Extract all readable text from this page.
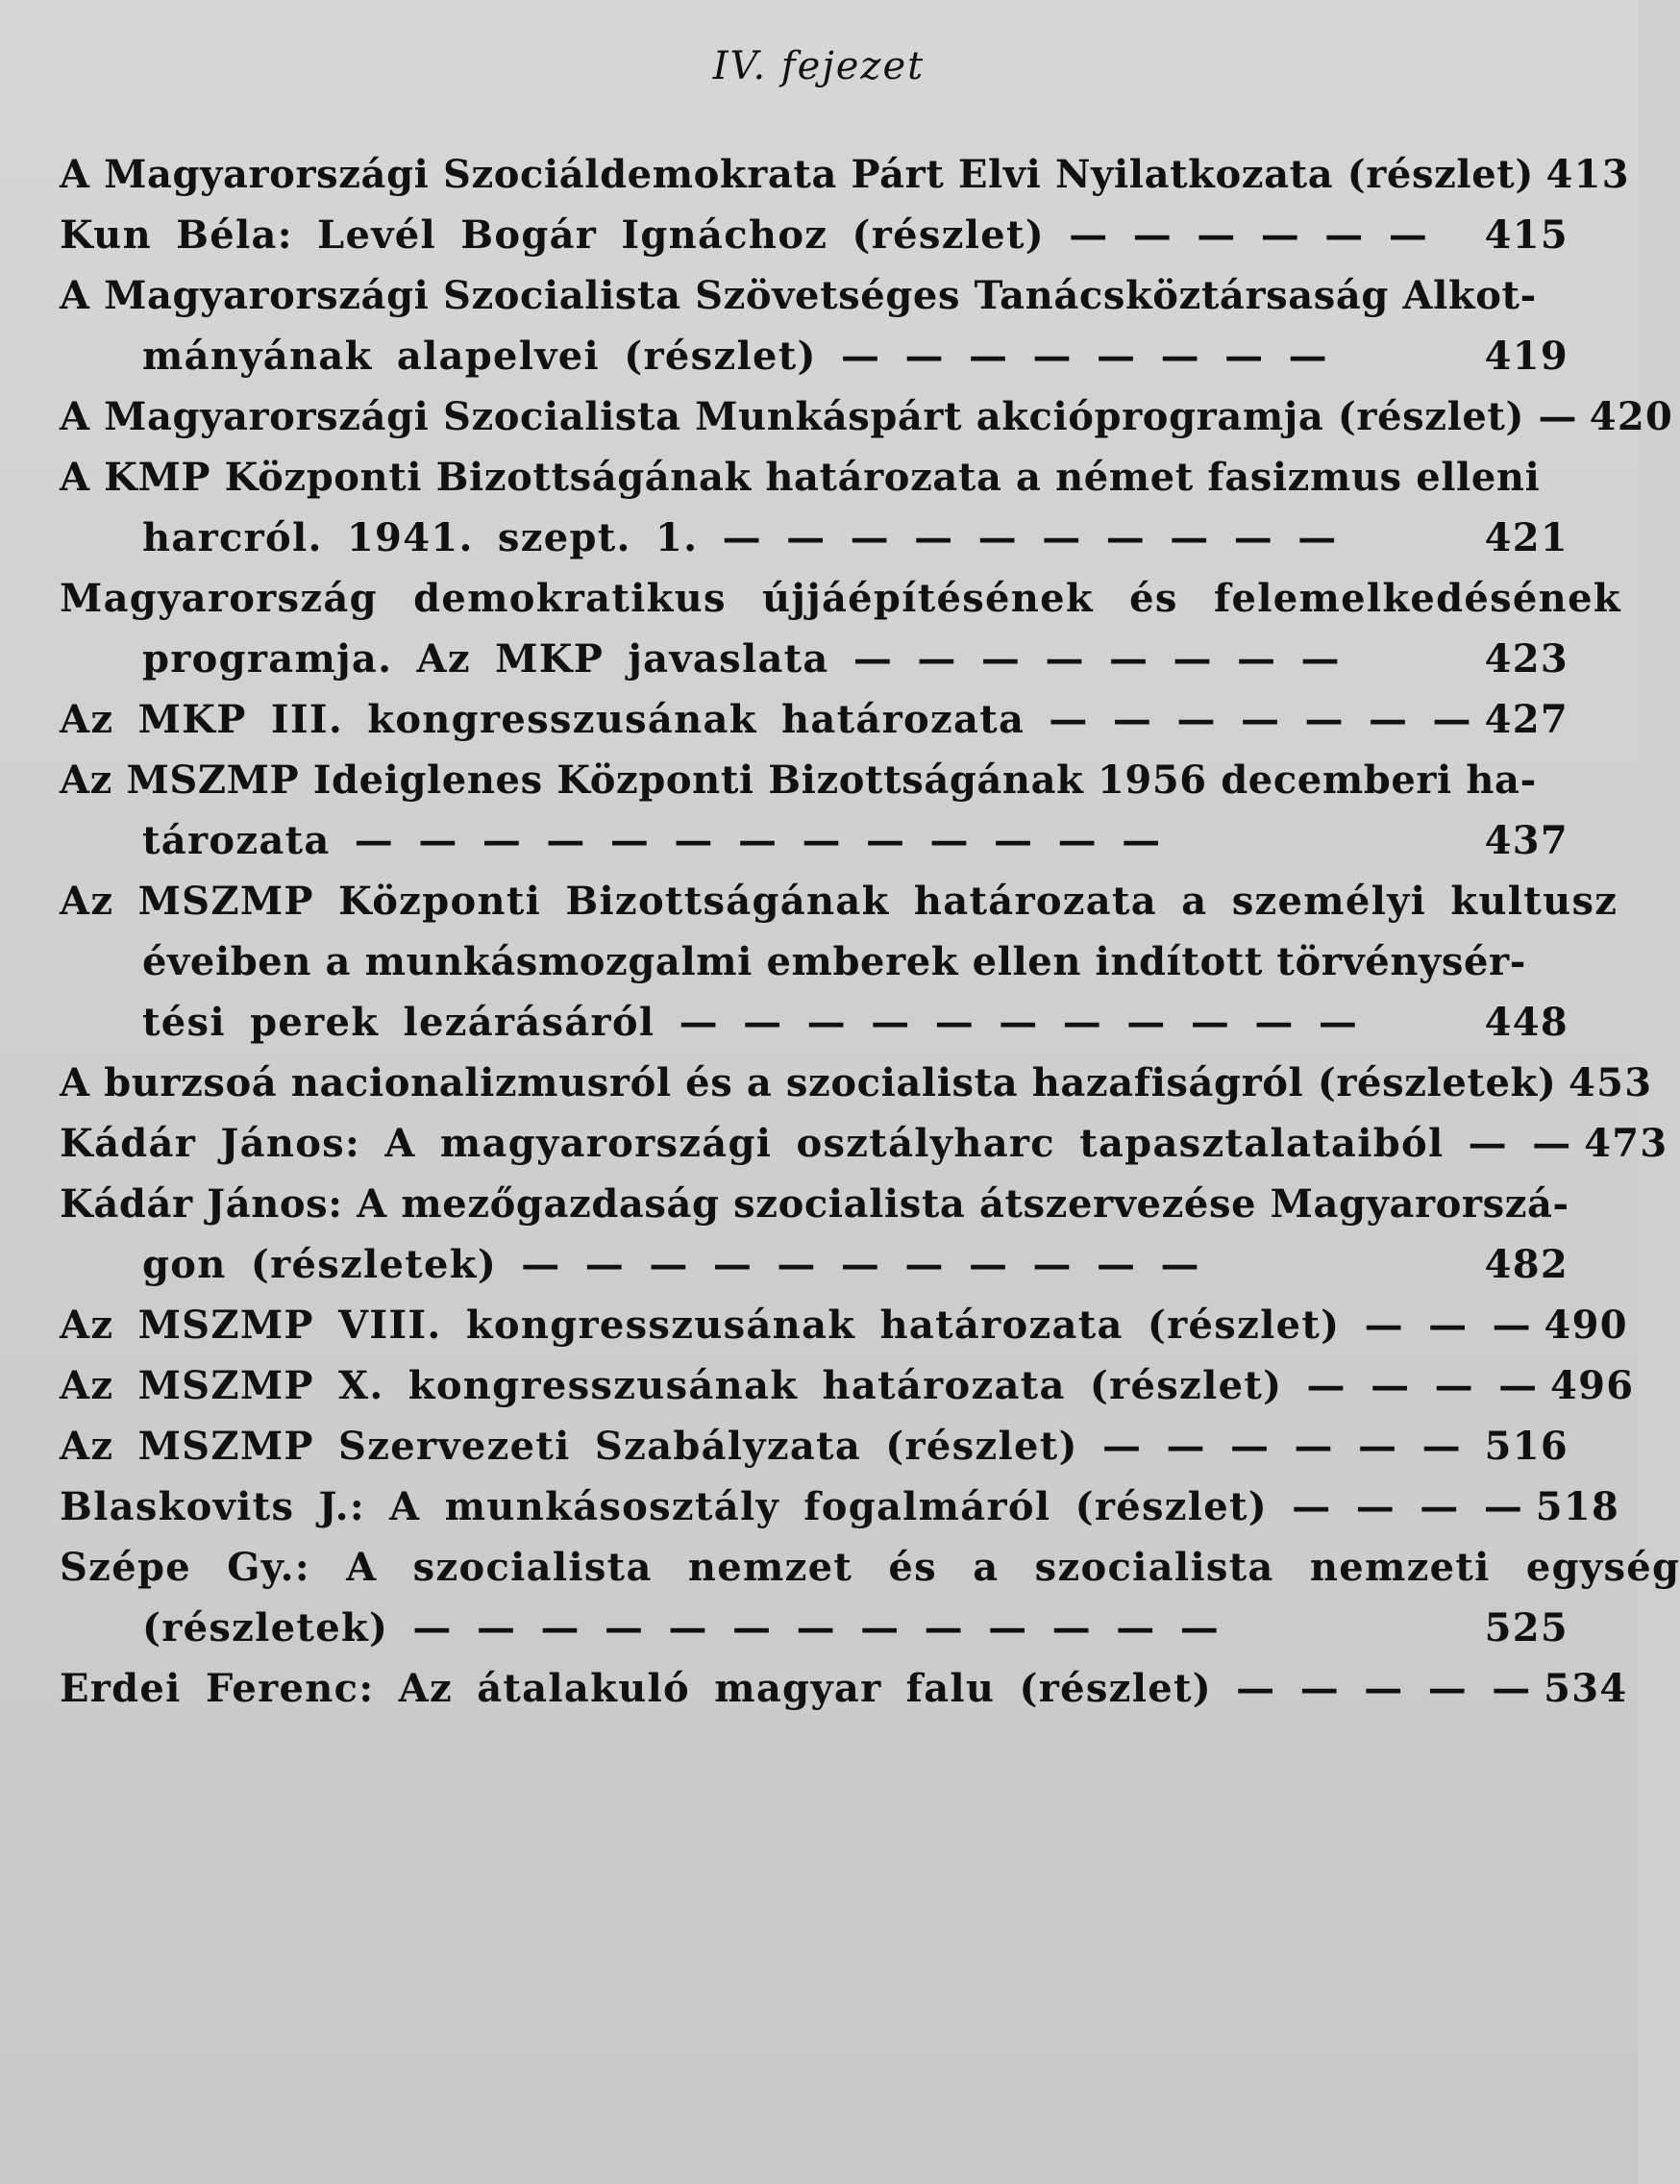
IV. fejezet
A Magyarországi Szociáldemokrata Párt Elvi Nyilatkozata (részlet) 413
Kun Béla: Levél Bogár Ignáchoz (részlet) — — — — — —	415
A Magyarországi Szocialista Szövetséges Tanácsköztársaság Alkot-
mányának alapelvei (részlet) — — — — — — — —	419
A Magyarországi Szocialista Munkáspárt akcióprogramja (részlet) — 420
A KMP Központi Bizottságának határozata a német fasizmus elleni
harcról. 1941. szept. 1. — — — — — — — — — —	421
Magyarország demokratikus újjáépítésének és felemelkedésének
programja. Az MKP javaslata — — — — — — — —	423
Az MKP III. kongresszusának határozata — — — — — — — 427
Az MSZMP Ideiglenes Központi Bizottságának 1956 decemberi ha-
tározata — — — — — — — — — — — — —	437
Az MSZMP Központi Bizottságának határozata a személyi kultusz
éveiben a munkásmozgalmi emberek ellen indított törvénysér-
tési perek lezárásáról — — — — — — — — — — —	448
A burzsoá nacionalizmusról és a szocialista hazafiságról (részletek) 453
Kádár János: A magyarországi osztályharc tapasztalataiból — — 473
Kádár János: A mezőgazdaság szocialista átszervezése Magyarorszá-
gon (részletek) — — — — — — — — — — —	482
Az MSZMP VIII. kongresszusának határozata (részlet) — — — 490
Az MSZMP X. kongresszusának határozata (részlet) — — — — 496
Az MSZMP Szervezeti Szabályzata (részlet) — — — — — — 516
Blaskovits J.: A munkásosztály fogalmáról (részlet) — — — — 518
Szépe Gy.: A szocialista nemzet és a szocialista nemzeti egység
(részletek) — — — — — — — — — — — — —	525
Erdei Ferenc: Az átalakuló magyar falu (részlet) — — — — — 534
